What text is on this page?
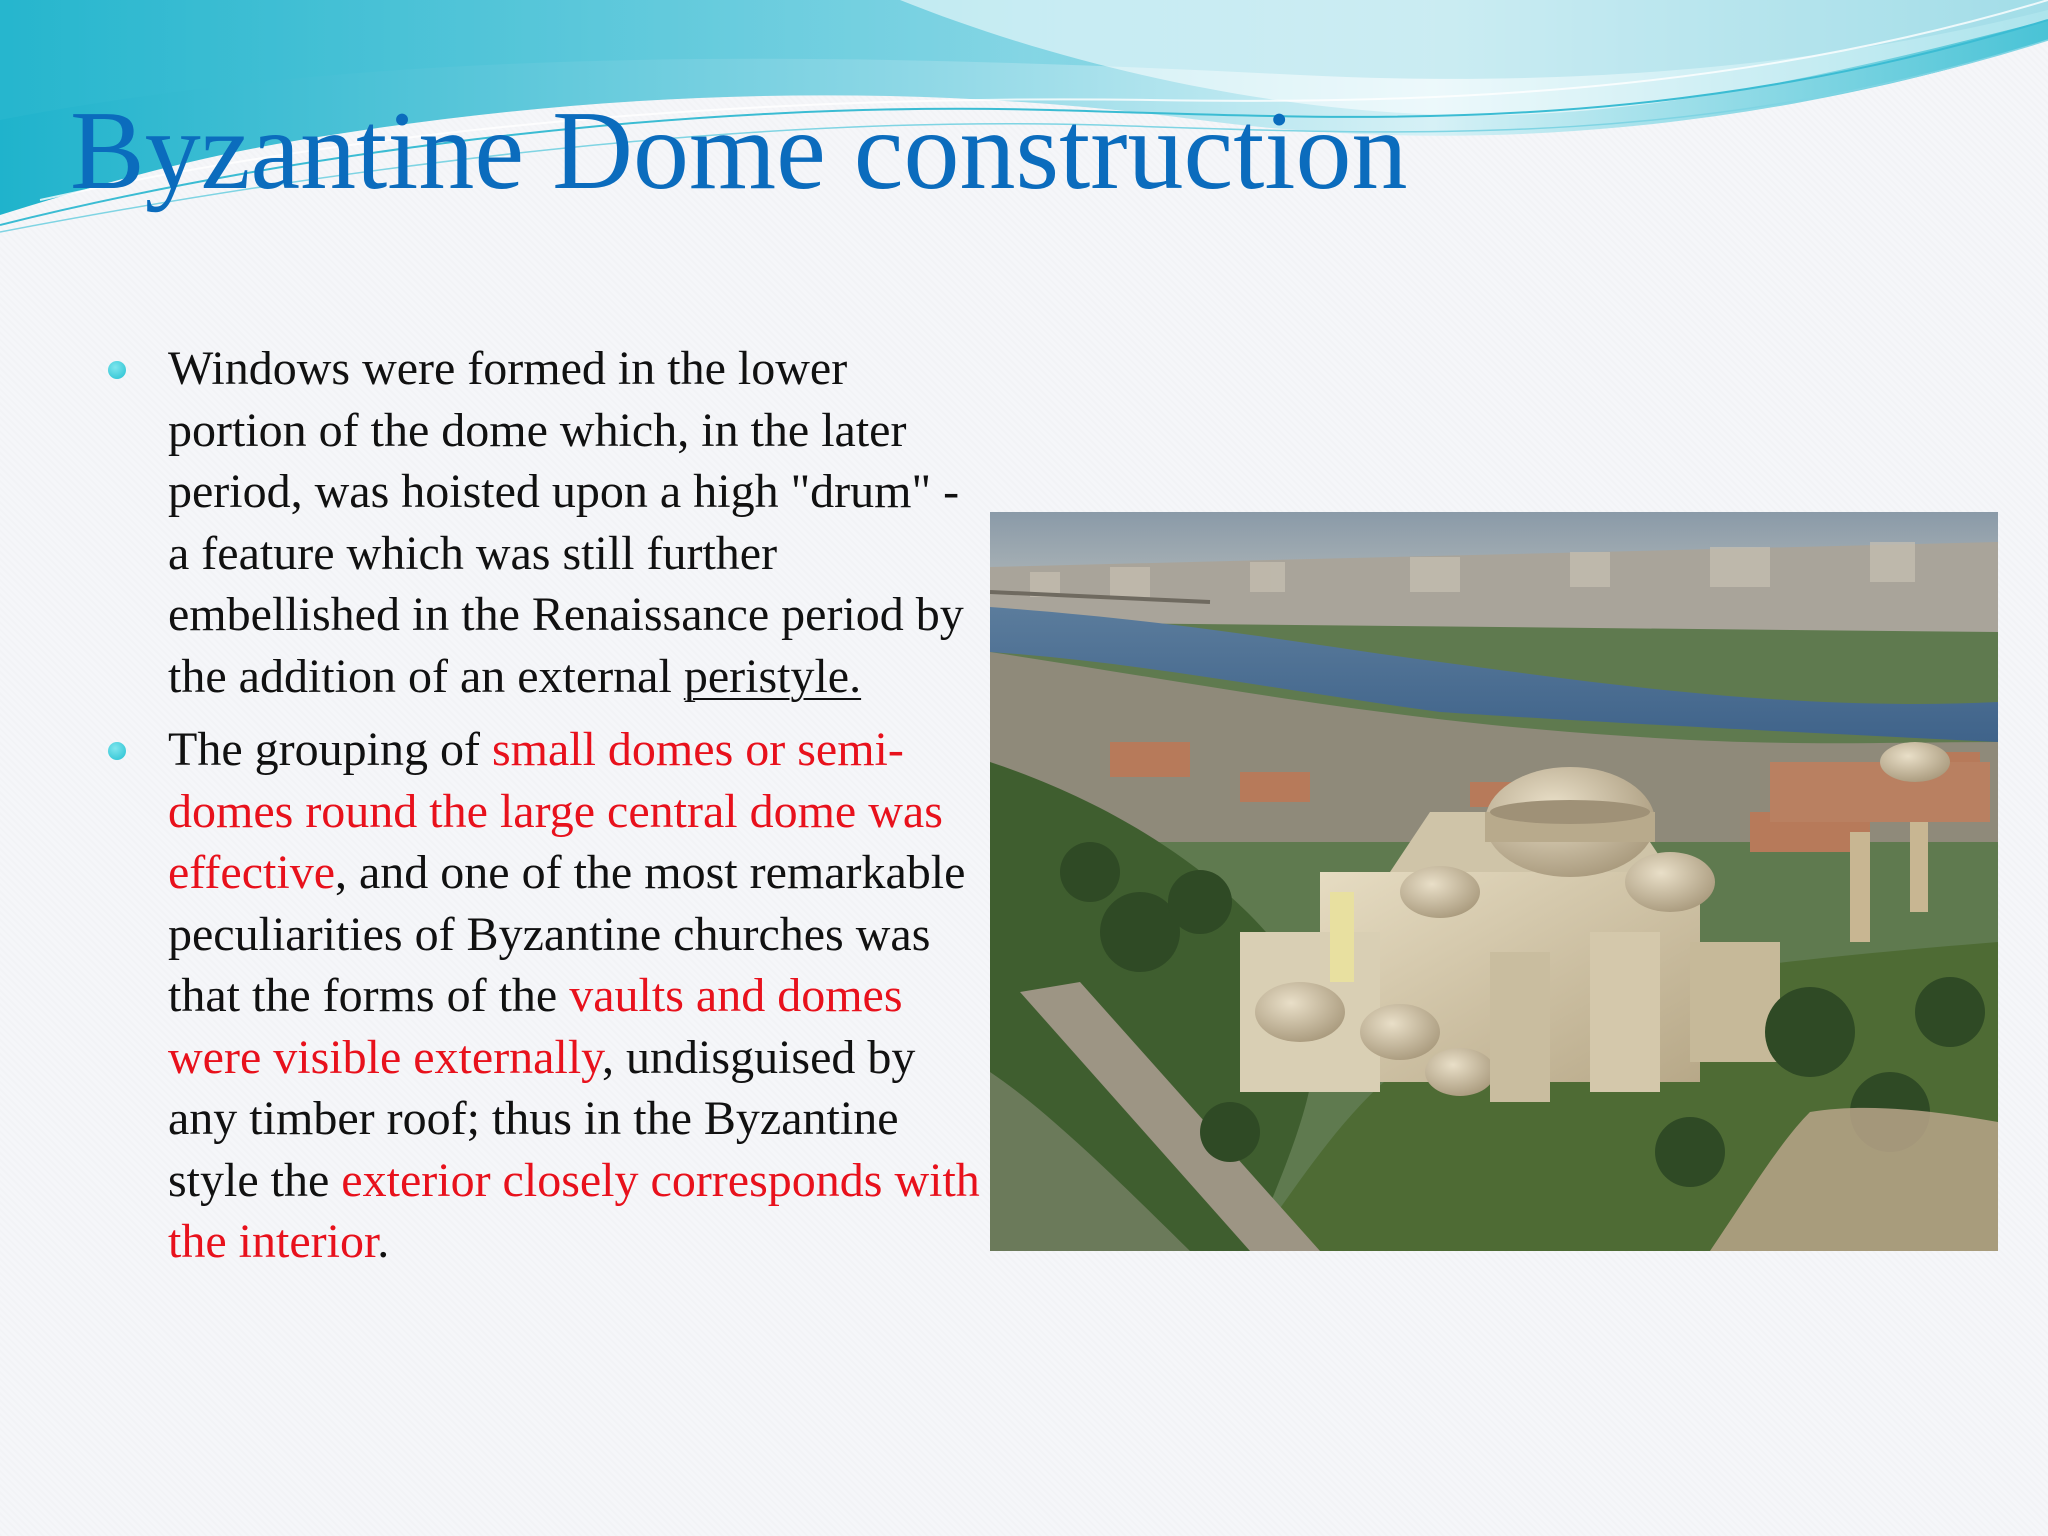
Byzantine Dome construction
Windows were formed in the lower portion of the dome which, in the later period, was hoisted upon a high "drum" - a feature which was still further embellished in the Renaissance period by the addition of an external peristyle.
The grouping of small domes or semi-domes round the large central dome was effective, and one of the most remarkable peculiarities of Byzantine churches was that the forms of the vaults and domes were visible externally, undisguised by any timber roof; thus in the Byzantine style the exterior closely corresponds with the interior.
